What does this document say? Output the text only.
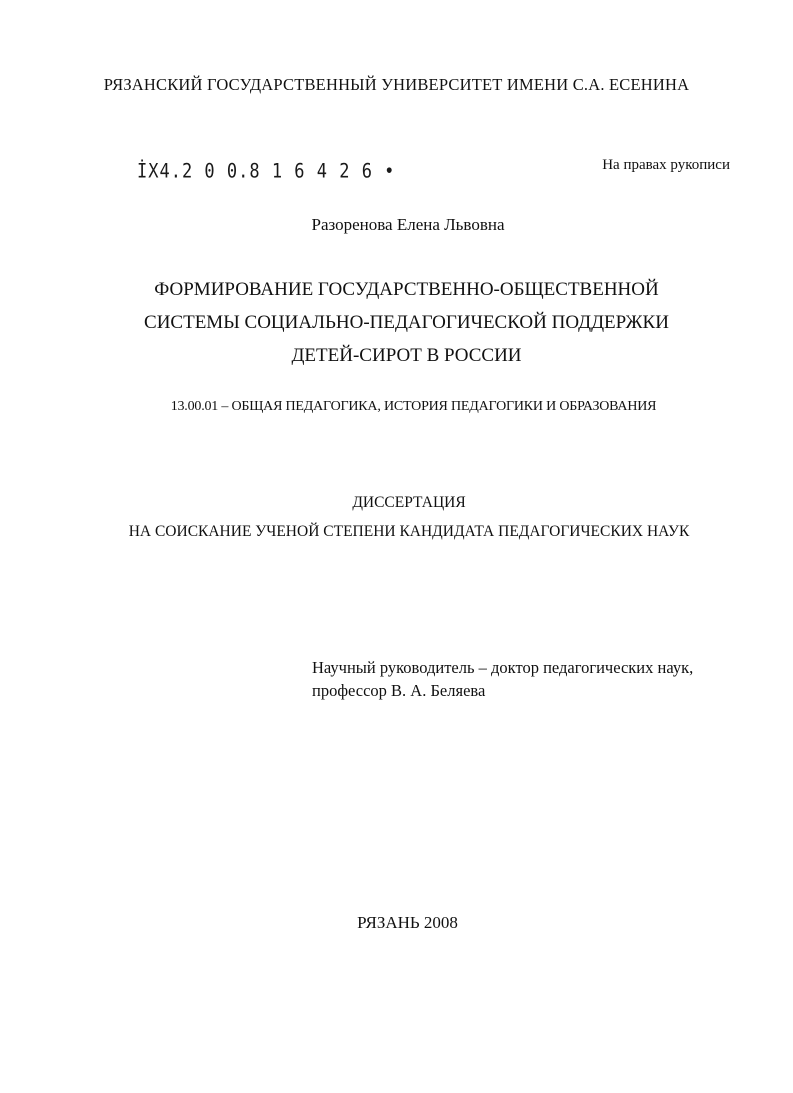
РЯЗАНСКИЙ ГОСУДАРСТВЕННЫЙ УНИВЕРСИТЕТ ИМЕНИ С.А. ЕСЕНИНА
İХ4.2 0 0.8 1 6 4 2 6 •	На правах рукописи
Разоренова Елена Львовна
ФОРМИРОВАНИЕ ГОСУДАРСТВЕННО-ОБЩЕСТВЕННОЙ
СИСТЕМЫ СОЦИАЛЬНО-ПЕДАГОГИЧЕСКОЙ ПОДДЕРЖКИ
ДЕТЕЙ-СИРОТ В РОССИИ
13.00.01 – ОБЩАЯ ПЕДАГОГИКА, ИСТОРИЯ ПЕДАГОГИКИ И ОБРАЗОВАНИЯ
ДИССЕРТАЦИЯ
НА СОИСКАНИЕ УЧЕНОЙ СТЕПЕНИ КАНДИДАТА ПЕДАГОГИЧЕСКИХ НАУК
Научный руководитель – доктор педагогических наук,
профессор В. А. Беляева
РЯЗАНЬ 2008
